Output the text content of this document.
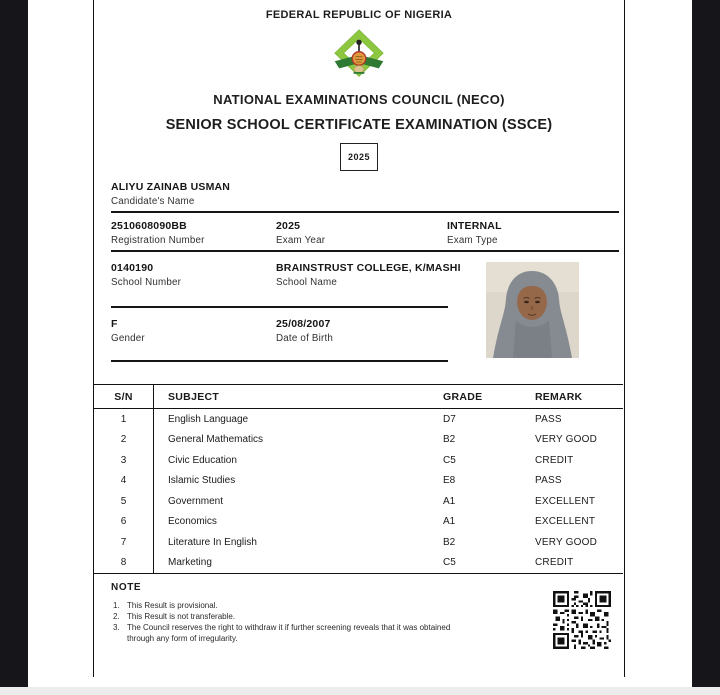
FEDERAL REPUBLIC OF NIGERIA
NATIONAL EXAMINATIONS COUNCIL (NECO)
SENIOR SCHOOL CERTIFICATE EXAMINATION (SSCE)
2025
ALIYU ZAINAB USMAN
Candidate's Name
2510608090BB
Registration Number
2025
Exam Year
INTERNAL
Exam Type
0140190
School Number
BRAINSTRUST COLLEGE, K/MASHI
School Name
F
Gender
25/08/2007
Date of Birth
S/N	SUBJECT	GRADE	REMARK
1	English Language	D7	PASS
2	General Mathematics	B2	VERY GOOD
3	Civic Education	C5	CREDIT
4	Islamic Studies	E8	PASS
5	Government	A1	EXCELLENT
6	Economics	A1	EXCELLENT
7	Literature In English	B2	VERY GOOD
8	Marketing	C5	CREDIT
NOTE
1. This Result is provisional.
2. This Result is not transferable.
3. The Council reserves the right to withdraw it if further screening reveals that it was obtained through any form of irregularity.
